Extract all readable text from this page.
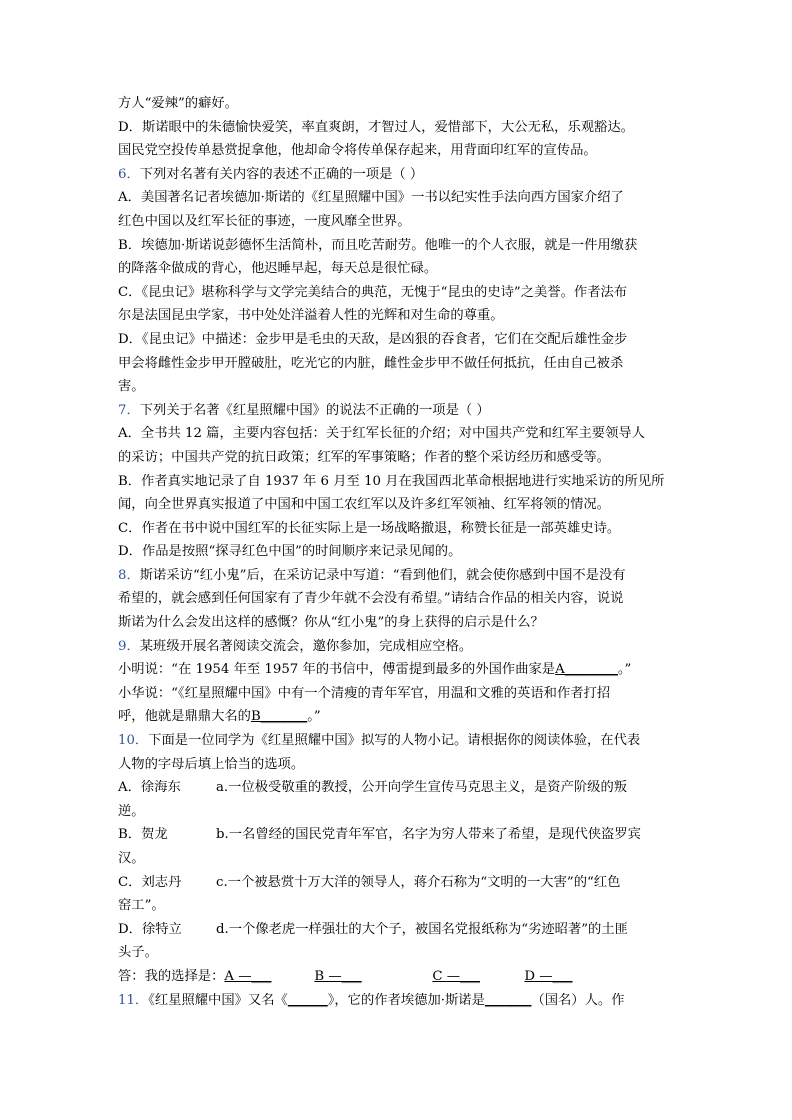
方人“爱辣”的癖好。
D．斯诺眼中的朱德愉快爱笑，率直爽朗，才智过人，爱惜部下，大公无私，乐观豁达。
国民党空投传单悬赏捉拿他，他却命令将传单保存起来，用背面印红军的宣传品。
6．下列对名著有关内容的表述不正确的一项是（ ）
A．美国著名记者埃德加·斯诺的《红星照耀中国》一书以纪实性手法向西方国家介绍了
红色中国以及红军长征的事迹，一度风靡全世界。
B．埃德加·斯诺说彭德怀生活简朴，而且吃苦耐劳。他唯一的个人衣服，就是一件用缴获
的降落伞做成的背心，他迟睡早起，每天总是很忙碌。
C．《昆虫记》堪称科学与文学完美结合的典范，无愧于“昆虫的史诗”之美誉。作者法布
尔是法国昆虫学家，书中处处洋溢着人性的光辉和对生命的尊重。
D．《昆虫记》中描述：金步甲是毛虫的天敌，是凶狠的吞食者，它们在交配后雄性金步
甲会将雌性金步甲开膛破肚，吃光它的内脏，雌性金步甲不做任何抵抗，任由自己被杀
害。
7．下列关于名著《红星照耀中国》的说法不正确的一项是（ ）
A．全书共 12 篇，主要内容包括：关于红军长征的介绍；对中国共产党和红军主要领导人
的采访；中国共产党的抗日政策；红军的军事策略；作者的整个采访经历和感受等。
B．作者真实地记录了自 1937 年 6 月至 10 月在我国西北革命根据地进行实地采访的所见所
闻，向全世界真实报道了中国和中国工农红军以及许多红军领袖、红军将领的情况。
C．作者在书中说中国红军的长征实际上是一场战略撤退，称赞长征是一部英雄史诗。
D．作品是按照“探寻红色中国”的时间顺序来记录见闻的。
8．斯诺采访“红小鬼”后，在采访记录中写道：“看到他们，就会使你感到中国不是没有
希望的，就会感到任何国家有了青少年就不会没有希望。”请结合作品的相关内容，说说
斯诺为什么会发出这样的感慨？你从“红小鬼”的身上获得的启示是什么？
9．某班级开展名著阅读交流会，邀你参加，完成相应空格。
小明说：“在 1954 年至 1957 年的书信中，傅雷提到最多的外国作曲家是A________。”
小华说：“《红星照耀中国》中有一个清瘦的青年军官，用温和文雅的英语和作者打招
呼，他就是鼎鼎大名的B_______。”
10．下面是一位同学为《红星照耀中国》拟写的人物小记。请根据你的阅读体验，在代表
人物的字母后填上恰当的选项。
A．徐海东	a.一位极受敬重的教授，公开向学生宣传马克思主义，是资产阶级的叛
逆。
B．贺龙	b.一名曾经的国民党青年军官，名字为穷人带来了希望，是现代侠盗罗宾
汉。
C．刘志丹	c.一个被悬赏十万大洋的领导人，蒋介石称为“文明的一大害”的“红色
窑工”。
D．徐特立	d.一个像老虎一样强壮的大个子，被国名党报纸称为“劣迹昭著”的土匪
头子。
答：我的选择是：A —___	B —___	C —___	D —___
11．《红星照耀中国》又名《______》，它的作者埃德加·斯诺是_______（国名）人。作
